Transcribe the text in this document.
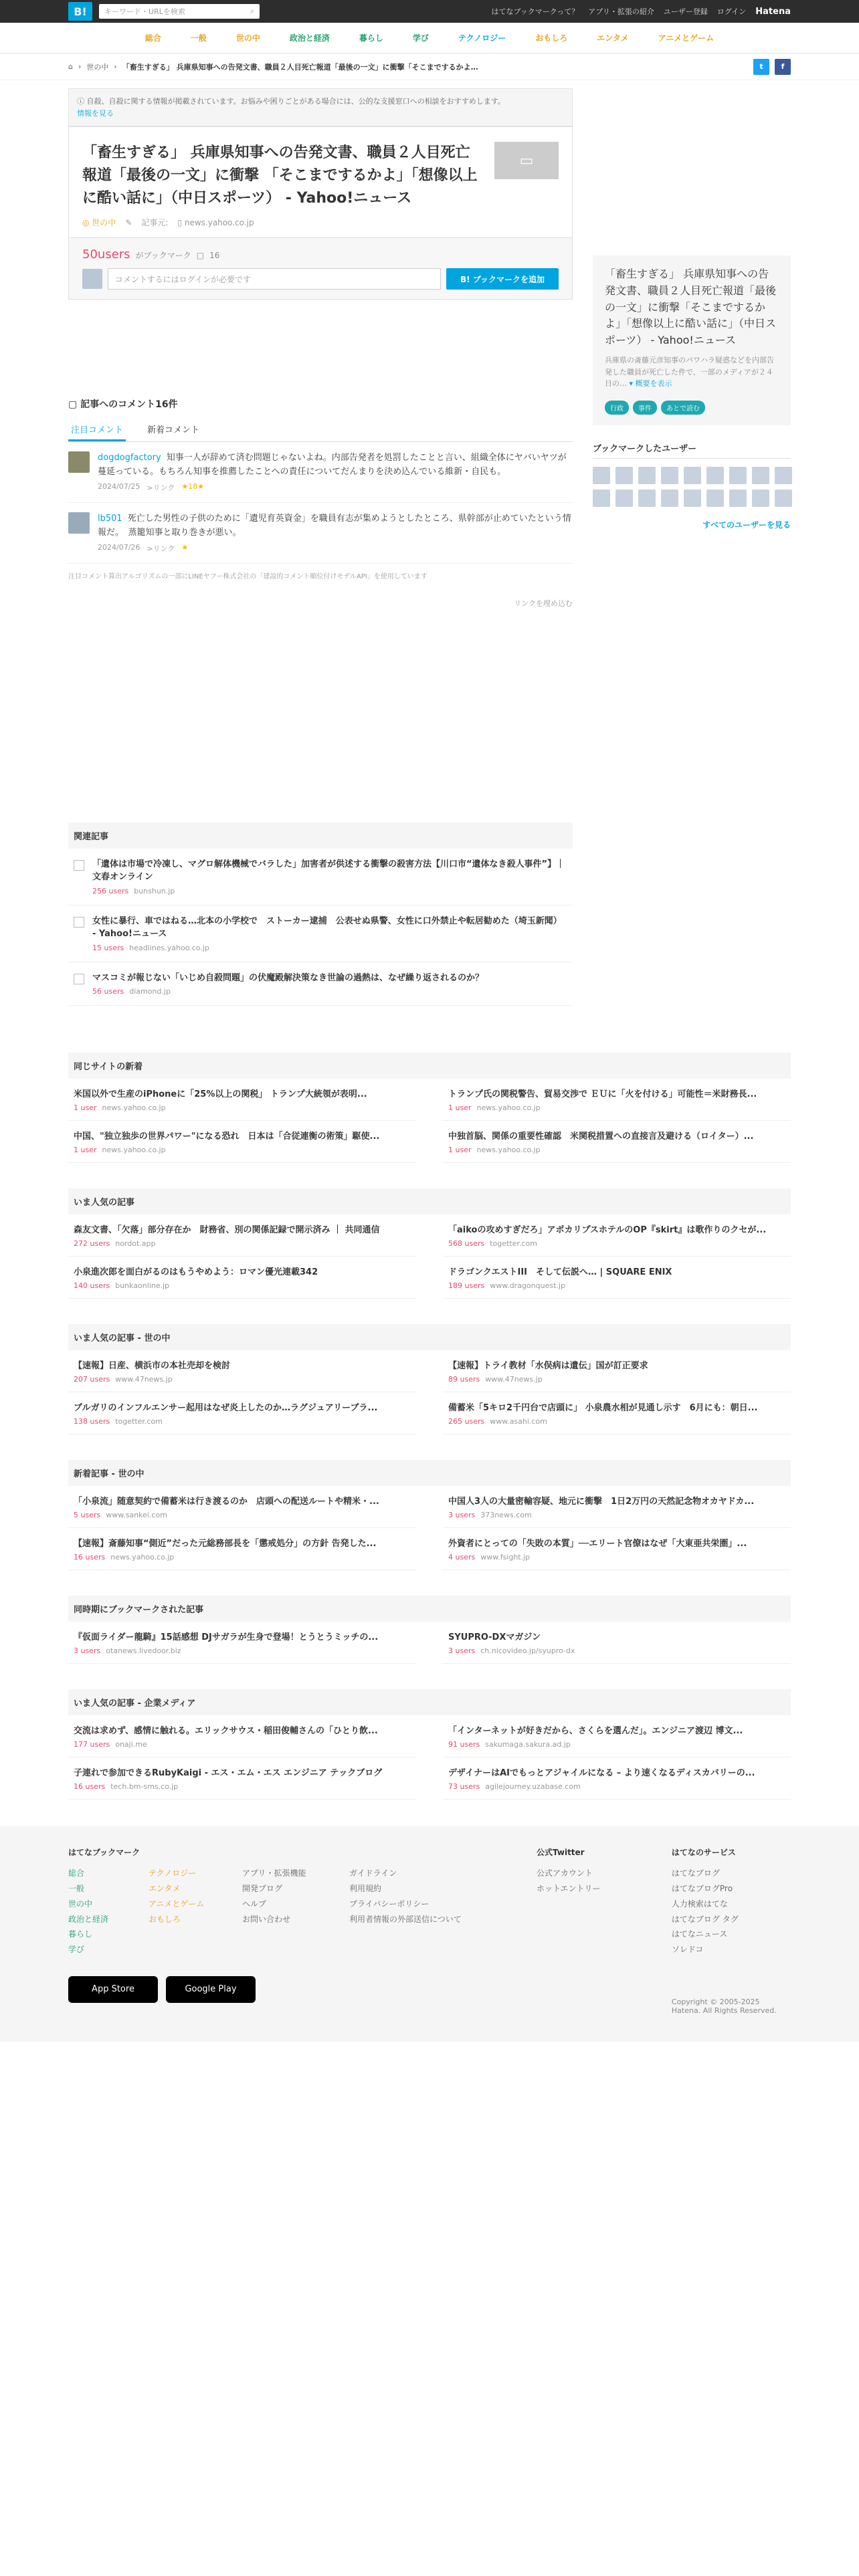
B!	キーワード・URLを検索	⌕	はてなブックマークって？ アプリ・拡張の紹介 ユーザー登録 ログイン Hatena
総合	一般	世の中	政治と経済	暮らし	学び	テクノロジー	おもしろ	エンタメ	アニメとゲーム
⌂ › 世の中 › 「畜生すぎる」 兵庫県知事への告発文書、職員２人目死亡報道「最後の一文」に衝撃「そこまでするかよ…	t	f
ⓘ 自殺、自殺に関する情報が掲載されています。お悩みや困りごとがある場合には、公的な支援窓口への相談をおすすめします。
情報を見る
「畜生すぎる」 兵庫県知事への告発文書、職員２人目死亡報道「最後の一文」に衝撃 「そこまでするかよ」「想像以上に酷い話に」（中日スポーツ） - Yahoo!ニュース
▭
◎ 世の中 ✎ 記事元: ▯ news.yahoo.co.jp
50users がブックマーク ▢ 16
コメントするにはログインが必要です	B! ブックマークを追加
▢ 記事へのコメント16件
注目コメント	新着コメント
dogdogfactory 知事一人が辞めて済む問題じゃないよね。内部告発者を処罰したことと言い、組織全体にヤバいヤツが蔓延っている。もちろん知事を推薦したことへの責任についてだんまりを決め込んでいる維新・自民も。
2024/07/25 >リンク ★18★
lb501 死亡した男性の子供のために「遺児育英資金」を職員有志が集めようとしたところ、県幹部が止めていたという情報だ。　蒸籠知事と取り巻きが悪い。
2024/07/26 >リンク ★
注目コメント算出アルゴリズムの一部にLINEヤフー株式会社の「建設的コメント順位付けモデルAPI」を使用しています
リンクを埋め込む
関連記事
「遺体は市場で冷凍し、マグロ解体機械でバラした」加害者が供述する衝撃の殺害方法【川口市“遺体なき殺人事件”】｜文春オンライン
256 users bunshun.jp
女性に暴行、車ではねる…北本の小学校で　ストーカー逮捕　公表せぬ県警、女性に口外禁止や転居勧めた（埼玉新聞） - Yahoo!ニュース
15 users headlines.yahoo.co.jp
マスコミが報じない「いじめ自殺問題」の伏魔殿解決策なき世論の過熱は、なぜ繰り返されるのか？
56 users diamond.jp
「畜生すぎる」 兵庫県知事への告発文書、職員２人目死亡報道「最後の一文」に衝撃「そこまでするかよ」「想像以上に酷い話に」（中日スポーツ） - Yahoo!ニュース
兵庫県の斎藤元彦知事のパワハラ疑惑などを内部告発した職員が死亡した件で、一部のメディアが２４日の… ▾ 概要を表示
行政	事件	あとで読む
ブックマークしたユーザー
すべてのユーザーを見る
同じサイトの新着
米国以外で生産のiPhoneに「25%以上の関税」 トランプ大統領が表明...
1 user news.yahoo.co.jp
トランプ氏の関税警告、貿易交渉で ＥＵに「火を付ける」可能性＝米財務長...
1 user news.yahoo.co.jp
中国、"独立独歩の世界パワー"になる恐れ　日本は「合従連衡の術策」駆使...
1 user news.yahoo.co.jp
中独首脳、関係の重要性確認　米関税措置への直接言及避ける（ロイター）...
1 user news.yahoo.co.jp
いま人気の記事
森友文書、「欠落」部分存在か　財務省、別の関係記録で開示済み ｜ 共同通信
272 users nordot.app
「aikoの攻めすぎだろ」アポカリプスホテルのOP『skirt』は歌作りのクセが...
568 users togetter.com
小泉進次郎を面白がるのはもうやめよう：ロマン優光連載342
140 users bunkaonline.jp
ドラゴンクエストIII　そして伝説へ… | SQUARE ENIX
189 users www.dragonquest.jp
いま人気の記事 - 世の中
【速報】日産、横浜市の本社売却を検討
207 users www.47news.jp
【速報】トライ教材「水俣病は遺伝」国が訂正要求
89 users www.47news.jp
ブルガリのインフルエンサー起用はなぜ炎上したのか…ラグジュアリーブラ...
138 users togetter.com
備蓄米「5キロ2千円台で店頭に」 小泉農水相が見通し示す　6月にも：朝日...
265 users www.asahi.com
新着記事 - 世の中
「小泉流」随意契約で備蓄米は行き渡るのか　店頭への配送ルートや精米・...
5 users www.sankei.com
中国人3人の大量密輸容疑、地元に衝撃　1日2万円の天然記念物オカヤドカ...
3 users 373news.com
【速報】斎藤知事“側近”だった元総務部長を「懲戒処分」の方針 告発した...
16 users news.yahoo.co.jp
外資者にとっての「失敗の本質」──エリート官僚はなぜ「大東亜共栄圏」...
4 users www.fsight.jp
同時期にブックマークされた記事
『仮面ライダー龍騎』15話感想 DJサガラが生身で登場！とうとうミッチの...
3 users otanews.livedoor.biz
SYUPRO-DXマガジン
3 users ch.nicovideo.jp/syupro-dx
いま人気の記事 - 企業メディア
交流は求めず、感情に触れる。エリックサウス・稲田俊輔さんの「ひとり飲...
177 users onaji.me
「インターネットが好きだから、さくらを選んだ」。エンジニア渡辺 博文...
91 users sakumaga.sakura.ad.jp
子連れで参加できるRubyKaigi - エス・エム・エス エンジニア テックブログ
16 users tech.bm-sms.co.jp
デザイナーはAIでもっとアジャイルになる – より速くなるディスカバリーの...
73 users agilejourney.uzabase.com
はてなブックマーク
総合
一般
世の中
政治と経済
暮らし
学び
テクノロジー
エンタメ
アニメとゲーム
おもしろ
アプリ・拡張機能
開発ブログ
ヘルプ
お問い合わせ
ガイドライン
利用規約
プライバシーポリシー
利用者情報の外部送信について
App Store	Google Play
公式Twitter
公式アカウント
ホットエントリー
はてなのサービス
はてなブログ
はてなブログPro
人力検索はてな
はてなブログ タグ
はてなニュース
ソレドコ
Copyright © 2005-2025 Hatena. All Rights Reserved.
